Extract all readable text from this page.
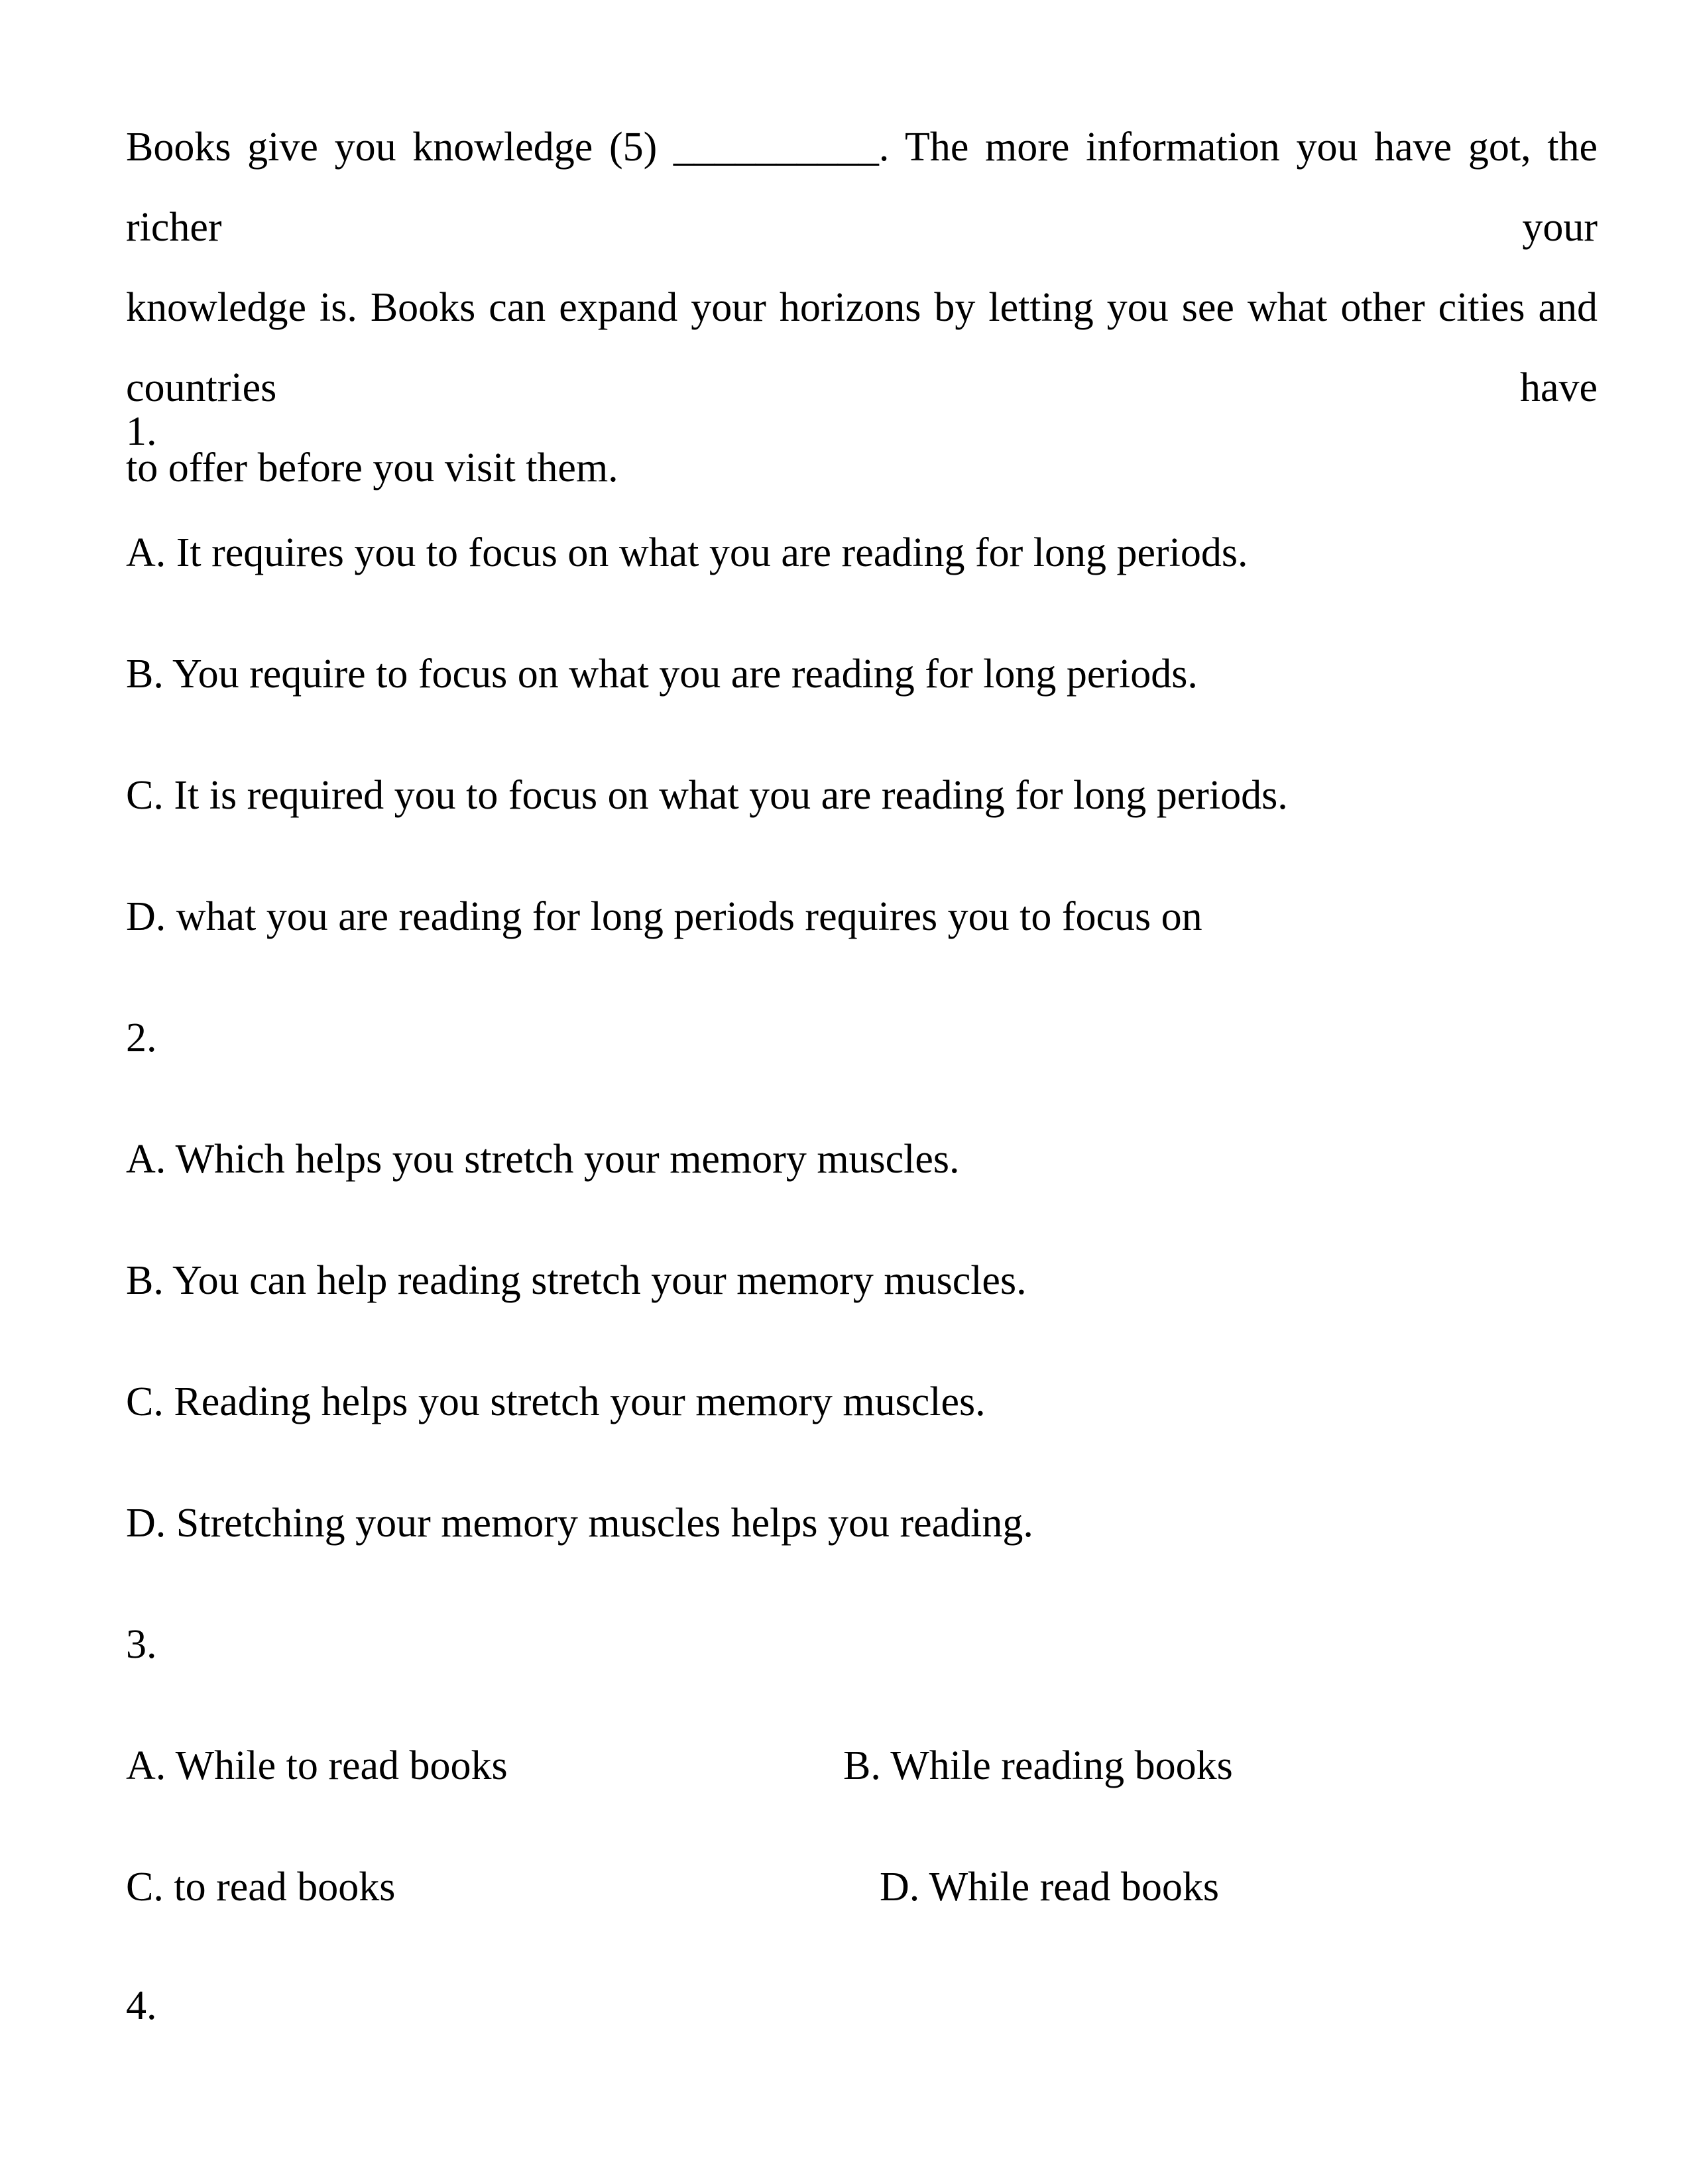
Books give you knowledge (5) __________. The more information you have got, the richer your
knowledge is. Books can expand your horizons by letting you see what other cities and countries have
to offer before you visit them.
1.
A. It requires you to focus on what you are reading for long periods.
B. You require to focus on what you are reading for long periods.
C. It is required you to focus on what you are reading for long periods.
D. what you are reading for long periods requires you to focus on
2.
A. Which helps you stretch your memory muscles.
B. You can help reading stretch your memory muscles.
C. Reading helps you stretch your memory muscles.
D. Stretching your memory muscles helps you reading.
3.
A. While to read books	B. While reading books
C. to read books	D. While read books
4.
